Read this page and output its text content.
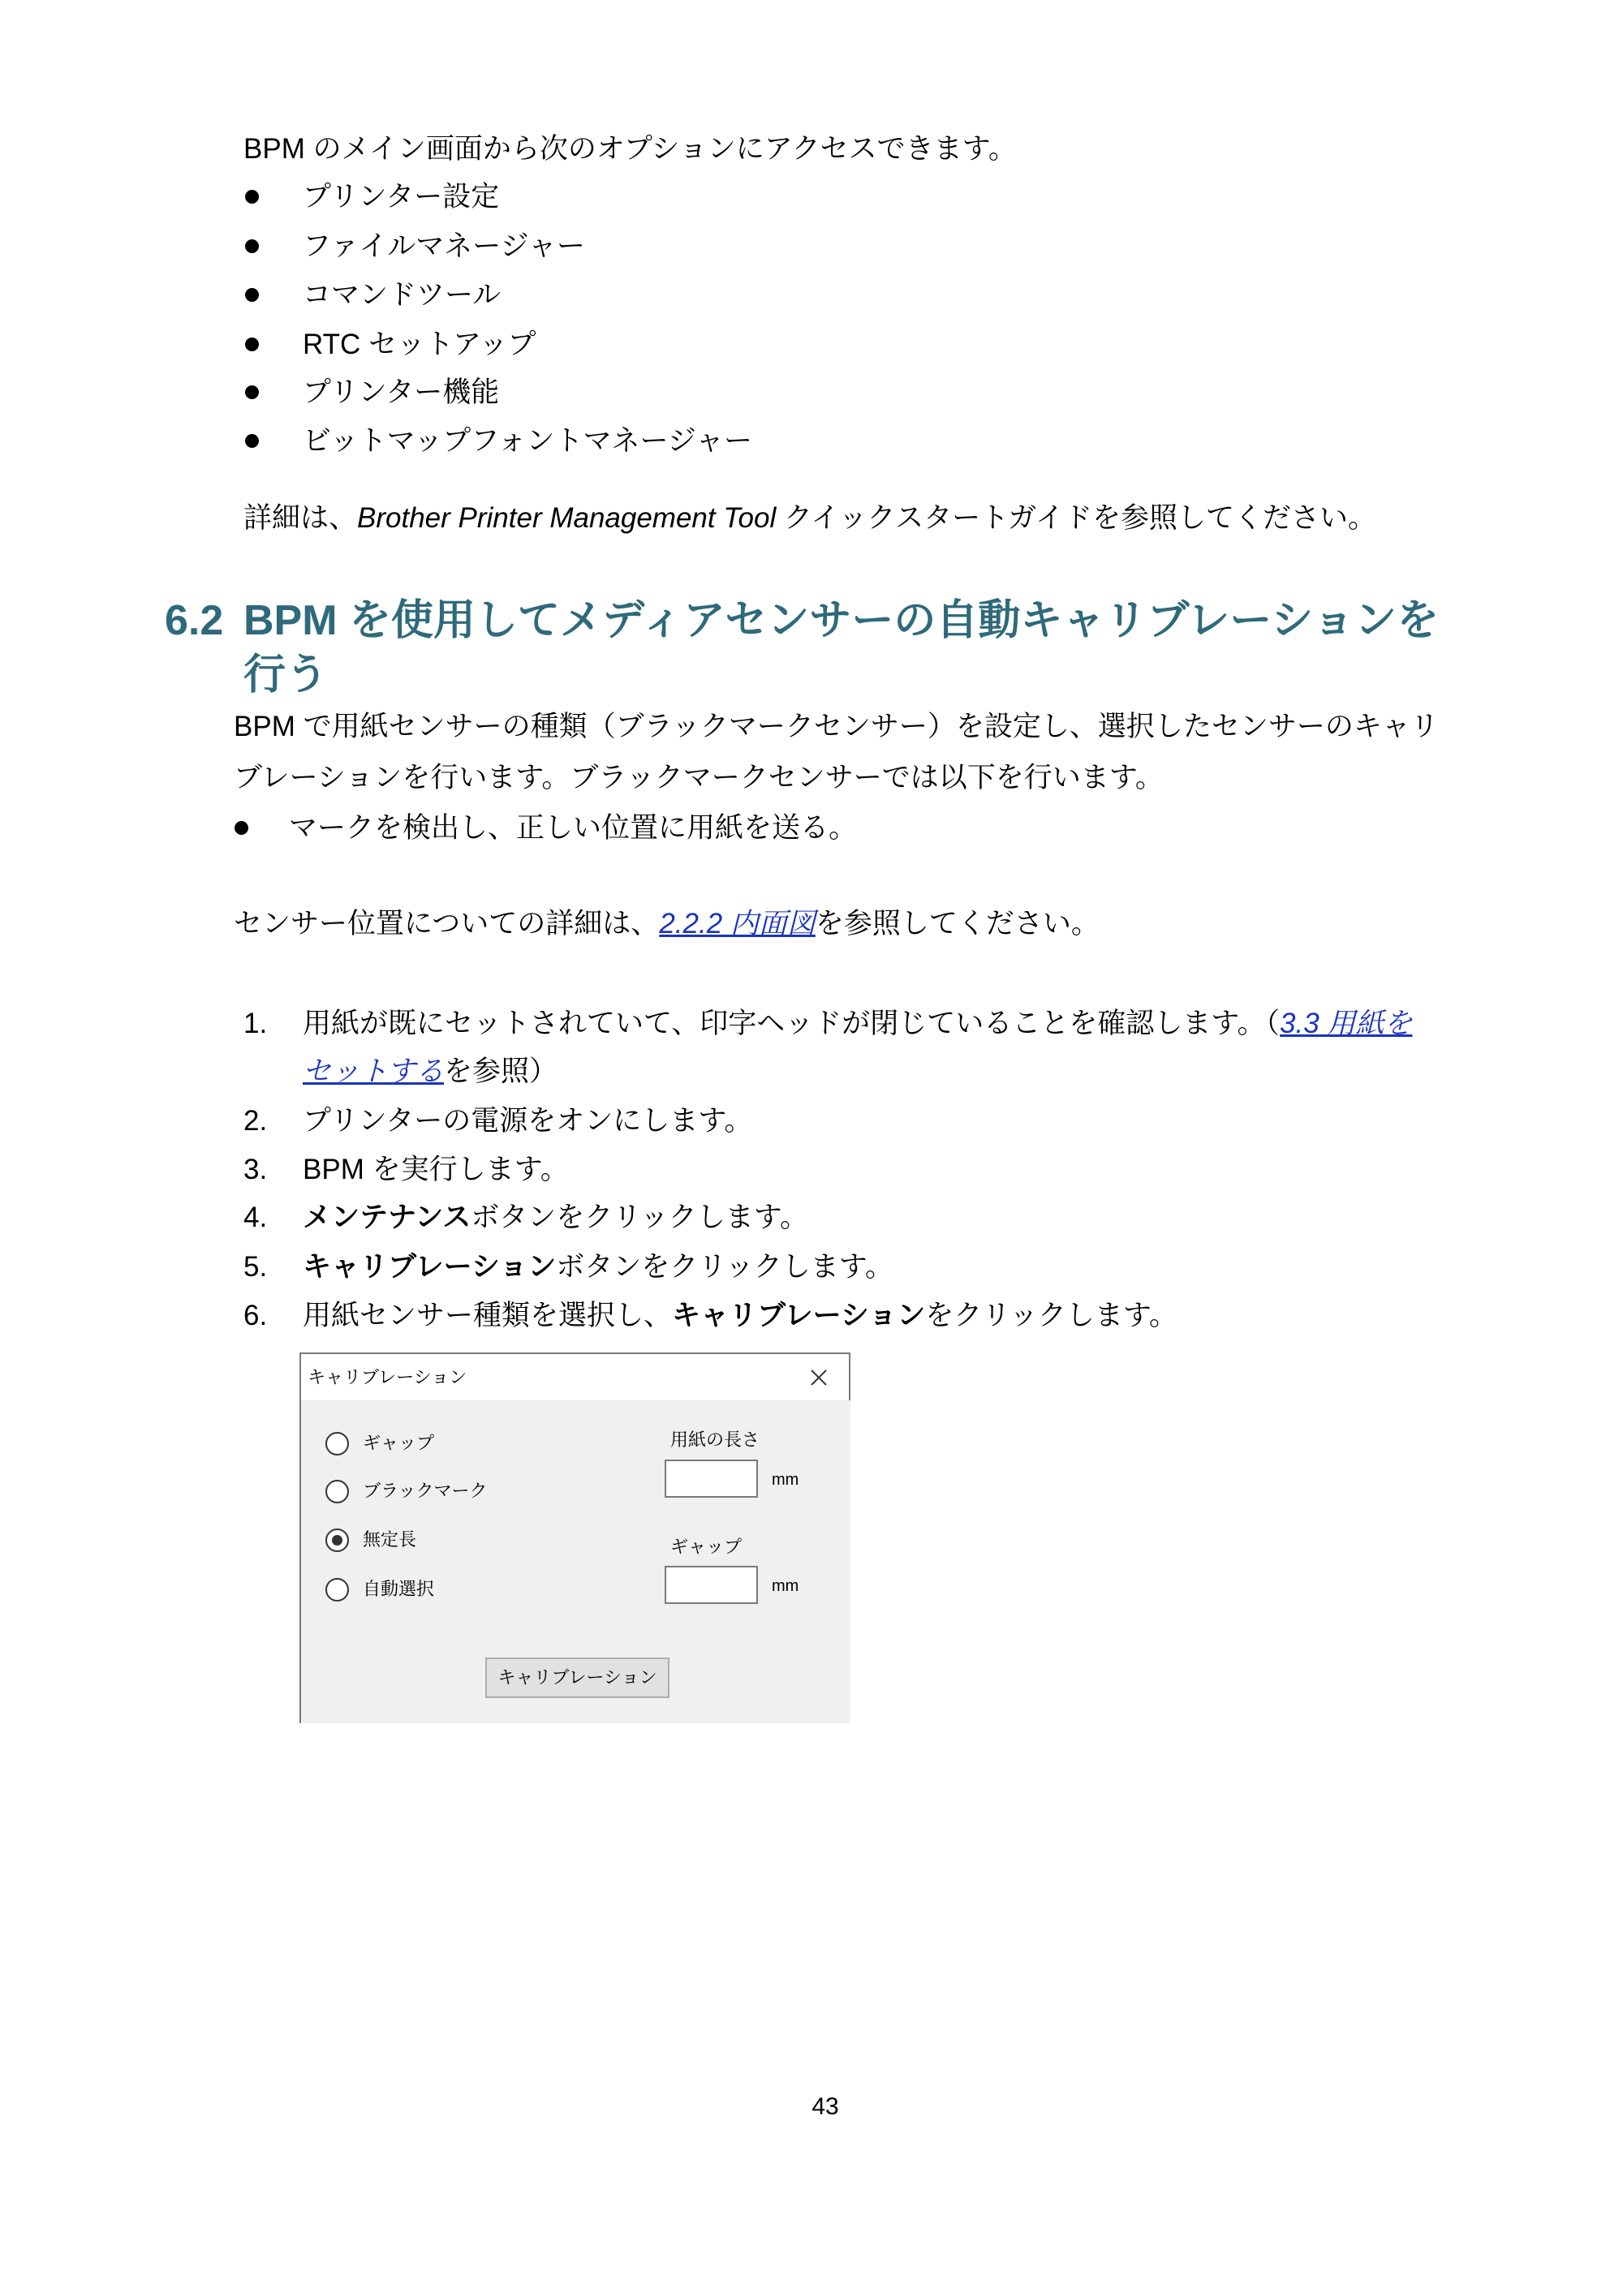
BPM のメイン画面から次のオプションにアクセスできます。
プリンター設定
ファイルマネージャー
コマンドツール
RTC セットアップ
プリンター機能
ビットマップフォントマネージャー
詳細は、Brother Printer Management Tool クイックスタートガイドを参照してください。
6.2 BPM を使用してメディアセンサーの自動キャリブレーションを
行う
BPM で用紙センサーの種類（ブラックマークセンサー）を設定し、選択したセンサーのキャリ
ブレーションを行います。ブラックマークセンサーでは以下を行います。
マークを検出し、正しい位置に用紙を送る。
センサー位置についての詳細は、2.2.2 内面図を参照してください。
1. 用紙が既にセットされていて、印字ヘッドが閉じていることを確認します。（3.3 用紙を
セットするを参照）
2. プリンターの電源をオンにします。
3. BPM を実行します。
4. メンテナンスボタンをクリックします。
5. キャリブレーションボタンをクリックします。
6. 用紙センサー種類を選択し、キャリブレーションをクリックします。
キャリブレーション
ギャップ
ブラックマーク
無定長
自動選択
用紙の長さ
mm
ギャップ
mm
キャリブレーション
43
